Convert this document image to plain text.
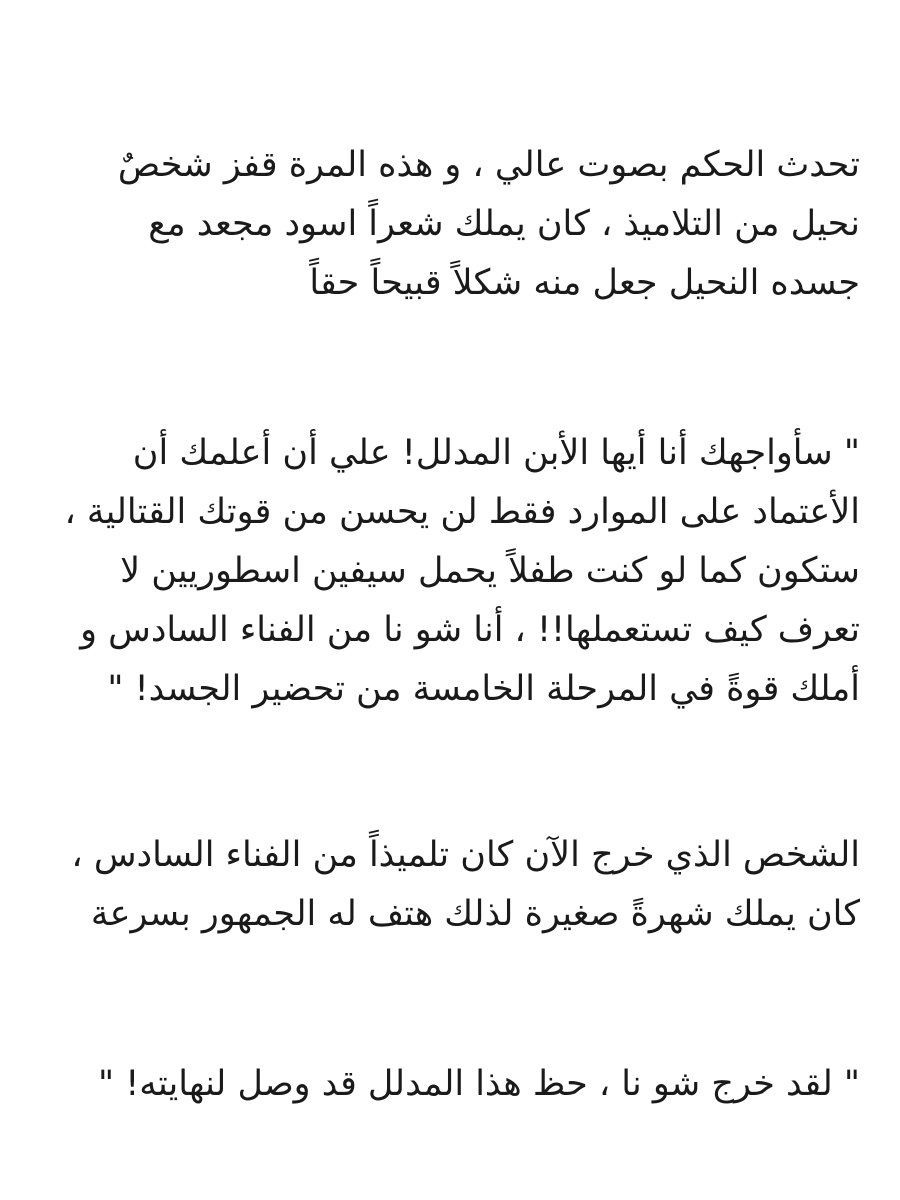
تحدث الحكم بصوت عالي ، و هذه المرة قفز شخصٌ
نحيل من التلاميذ ، كان يملك شعراً اسود مجعد مع
جسده النحيل جعل منه شكلاً قبيحاً حقاً
" سأواجهك أنا أيها الأبن المدلل! علي أن أعلمك أن
الأعتماد على الموارد فقط لن يحسن من قوتك القتالية ،
ستكون كما لو كنت طفلاً يحمل سيفين اسطوريين لا
تعرف كيف تستعملها!! ، أنا شو نا من الفناء السادس و
أملك قوةً في المرحلة الخامسة من تحضير الجسد! "
الشخص الذي خرج الآن كان تلميذاً من الفناء السادس ،
كان يملك شهرةً صغيرة لذلك هتف له الجمهور بسرعة
" لقد خرج شو نا ، حظ هذا المدلل قد وصل لنهايته! "
